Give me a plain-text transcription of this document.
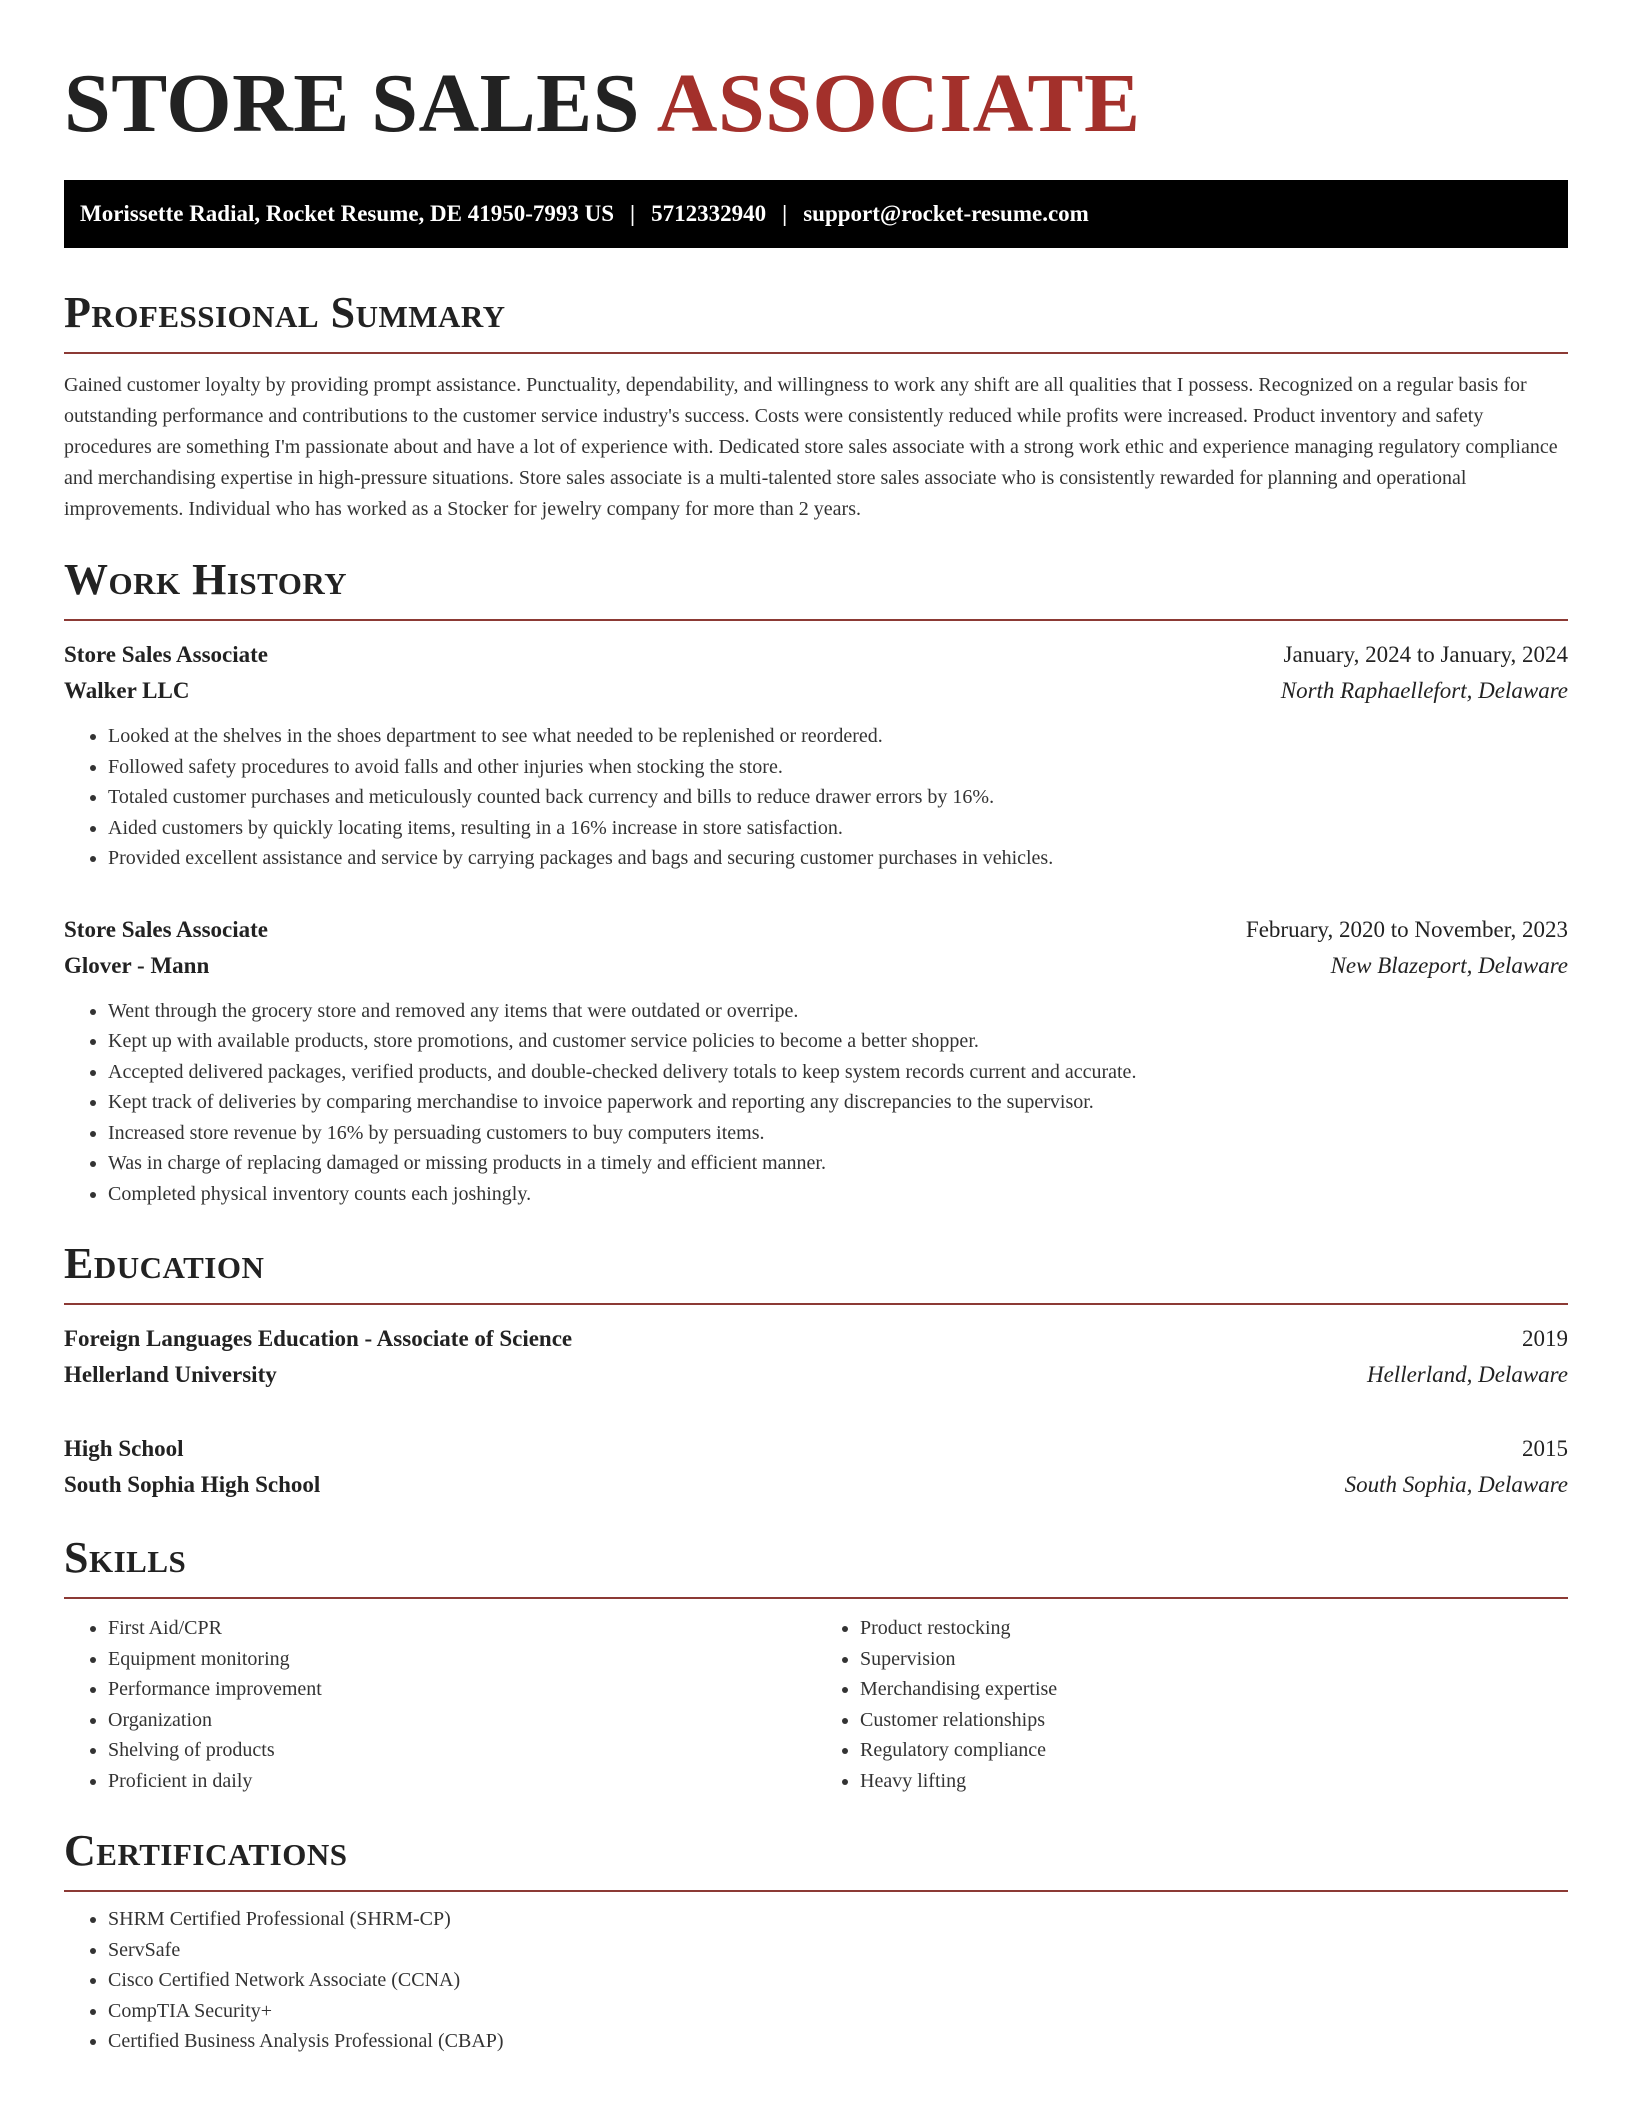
STORE SALES ASSOCIATE
Morissette Radial, Rocket Resume, DE 41950-7993 US | 5712332940 | support@rocket-resume.com
Professional Summary

Gained customer loyalty by providing prompt assistance. Punctuality, dependability, and willingness to work any shift are all qualities that I possess. Recognized on a regular basis for outstanding performance and contributions to the customer service industry's success. Costs were consistently reduced while profits were increased. Product inventory and safety procedures are something I'm passionate about and have a lot of experience with. Dedicated store sales associate with a strong work ethic and experience managing regulatory compliance and merchandising expertise in high-pressure situations. Store sales associate is a multi-talented store sales associate who is consistently rewarded for planning and operational improvements. Individual who has worked as a Stocker for jewelry company for more than 2 years.

Work History
Store Sales Associate	January, 2024 to January, 2024
Walker LLC	North Raphaellefort, Delaware
• Looked at the shelves in the shoes department to see what needed to be replenished or reordered.
• Followed safety procedures to avoid falls and other injuries when stocking the store.
• Totaled customer purchases and meticulously counted back currency and bills to reduce drawer errors by 16%.
• Aided customers by quickly locating items, resulting in a 16% increase in store satisfaction.
• Provided excellent assistance and service by carrying packages and bags and securing customer purchases in vehicles.
Store Sales Associate	February, 2020 to November, 2023
Glover - Mann	New Blazeport, Delaware
• Went through the grocery store and removed any items that were outdated or overripe.
• Kept up with available products, store promotions, and customer service policies to become a better shopper.
• Accepted delivered packages, verified products, and double-checked delivery totals to keep system records current and accurate.
• Kept track of deliveries by comparing merchandise to invoice paperwork and reporting any discrepancies to the supervisor.
• Increased store revenue by 16% by persuading customers to buy computers items.
• Was in charge of replacing damaged or missing products in a timely and efficient manner.
• Completed physical inventory counts each joshingly.
Education
Foreign Languages Education - Associate of Science	2019
Hellerland University	Hellerland, Delaware
High School	2015
South Sophia High School	South Sophia, Delaware
Skills
• First Aid/CPR
• Equipment monitoring
• Performance improvement
• Organization
• Shelving of products
• Proficient in daily
• Product restocking
• Supervision
• Merchandising expertise
• Customer relationships
• Regulatory compliance
• Heavy lifting
Certifications
• SHRM Certified Professional (SHRM-CP)
• ServSafe
• Cisco Certified Network Associate (CCNA)
• CompTIA Security+
• Certified Business Analysis Professional (CBAP)
